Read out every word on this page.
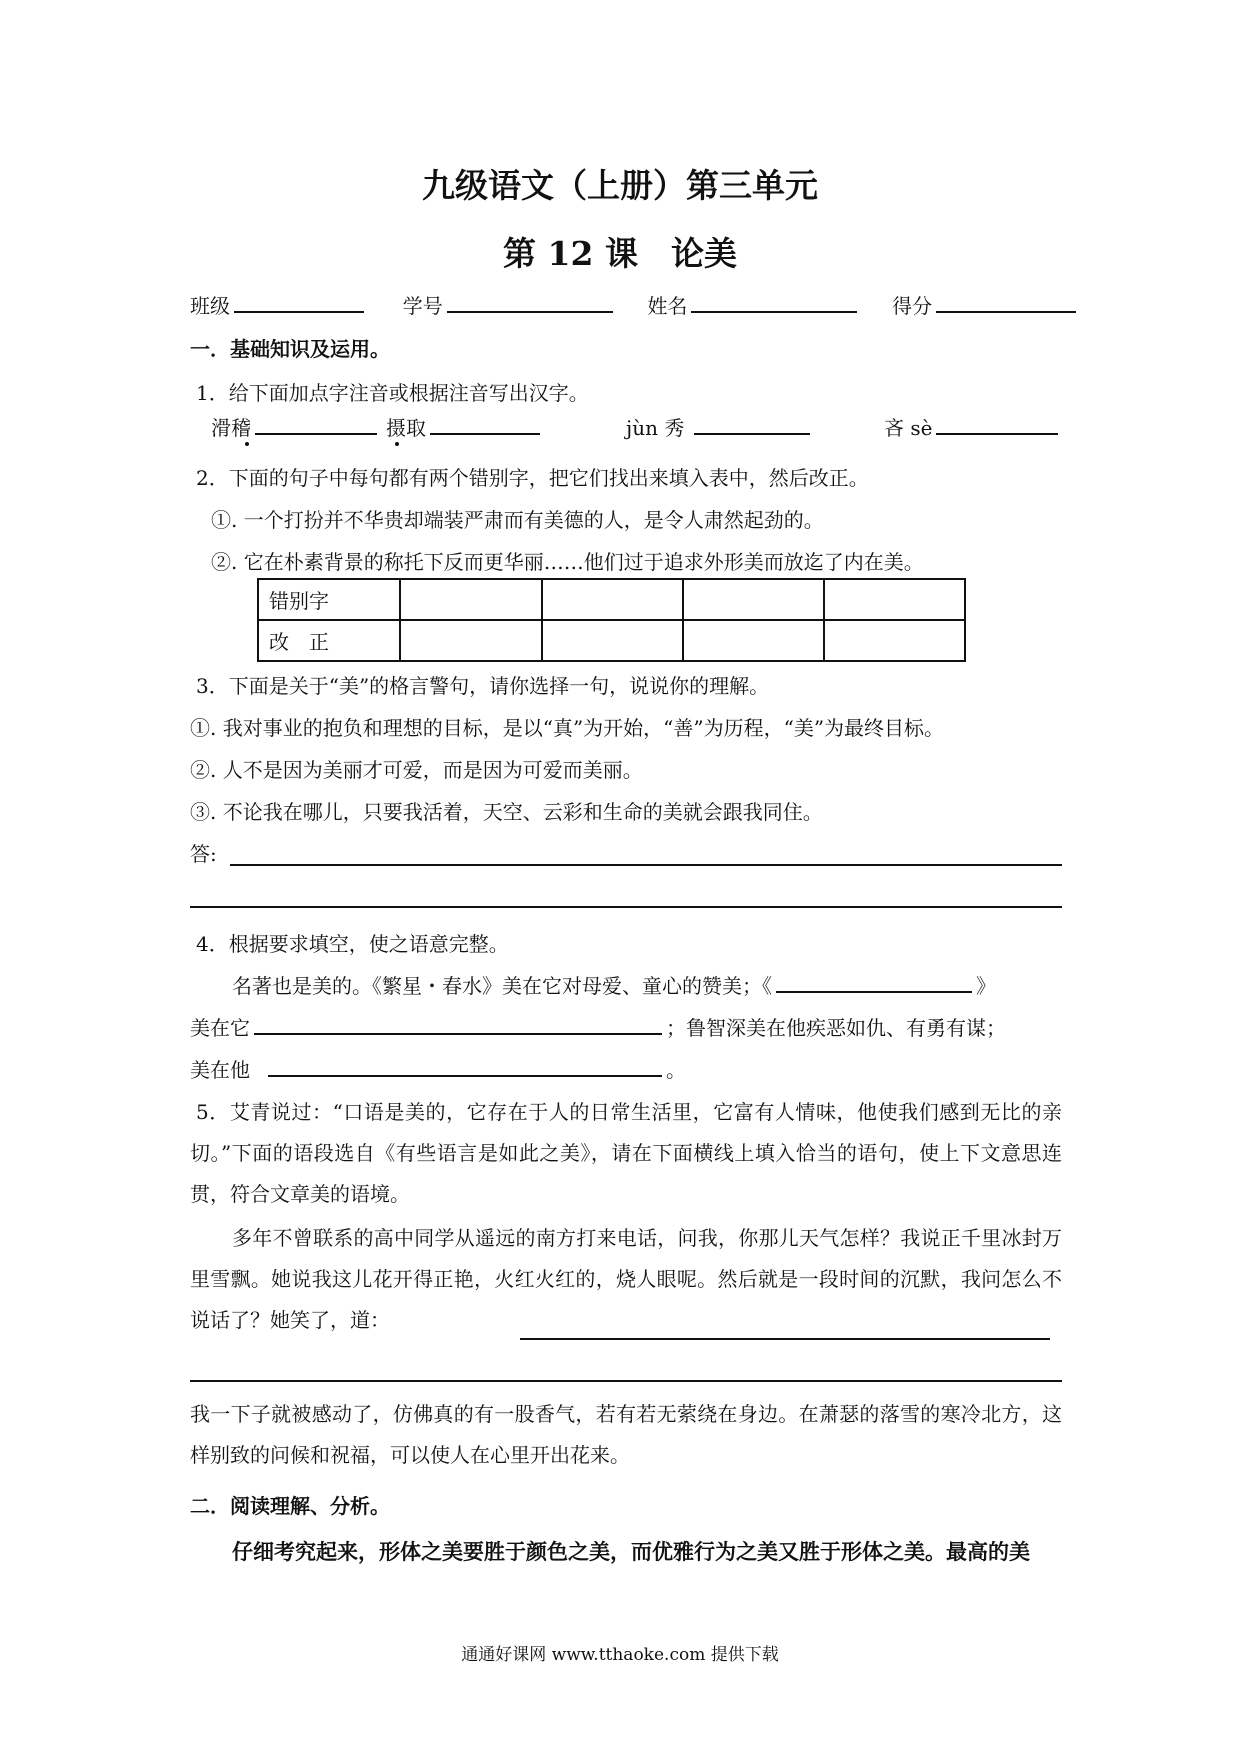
九级语文（上册）第三单元
第 12 课　论美
班级	学号	姓名	得分
一．基础知识及运用。
1．给下面加点字注音或根据注音写出汉字。
滑稽	摄取	jùn 秀	吝 sè
2．下面的句子中每句都有两个错别字，把它们找出来填入表中，然后改正。
①. 一个打扮并不华贵却端装严肃而有美德的人，是令人肃然起劲的。
②. 它在朴素背景的称托下反而更华丽……他们过于追求外形美而放迄了内在美。
错别字				
改　正				
3．下面是关于“美”的格言警句，请你选择一句，说说你的理解。
①. 我对事业的抱负和理想的目标，是以“真”为开始，“善”为历程，“美”为最终目标。
②. 人不是因为美丽才可爱，而是因为可爱而美丽。
③. 不论我在哪儿，只要我活着，天空、云彩和生命的美就会跟我同住。
答:
4．根据要求填空，使之语意完整。
名著也是美的。《繁星・春水》美在它对母爱、童心的赞美；《	》
美在它	；鲁智深美在他疾恶如仇、有勇有谋；
美在他	。
5．艾青说过：“口语是美的，它存在于人的日常生活里，它富有人情味，他使我们感到无比的亲切。”下面的语段选自《有些语言是如此之美》，请在下面横线上填入恰当的语句，使上下文意思连贯，符合文章美的语境。
多年不曾联系的高中同学从遥远的南方打来电话，问我，你那儿天气怎样？我说正千里冰封万里雪飘。她说我这儿花开得正艳，火红火红的，烧人眼呢。然后就是一段时间的沉默，我问怎么不说话了？她笑了，道：
我一下子就被感动了，仿佛真的有一股香气，若有若无萦绕在身边。在萧瑟的落雪的寒冷北方，这样别致的问候和祝福，可以使人在心里开出花来。
二．阅读理解、分析。
仔细考究起来，形体之美要胜于颜色之美，而优雅行为之美又胜于形体之美。最高的美
通通好课网 www.tthaoke.com 提供下载
